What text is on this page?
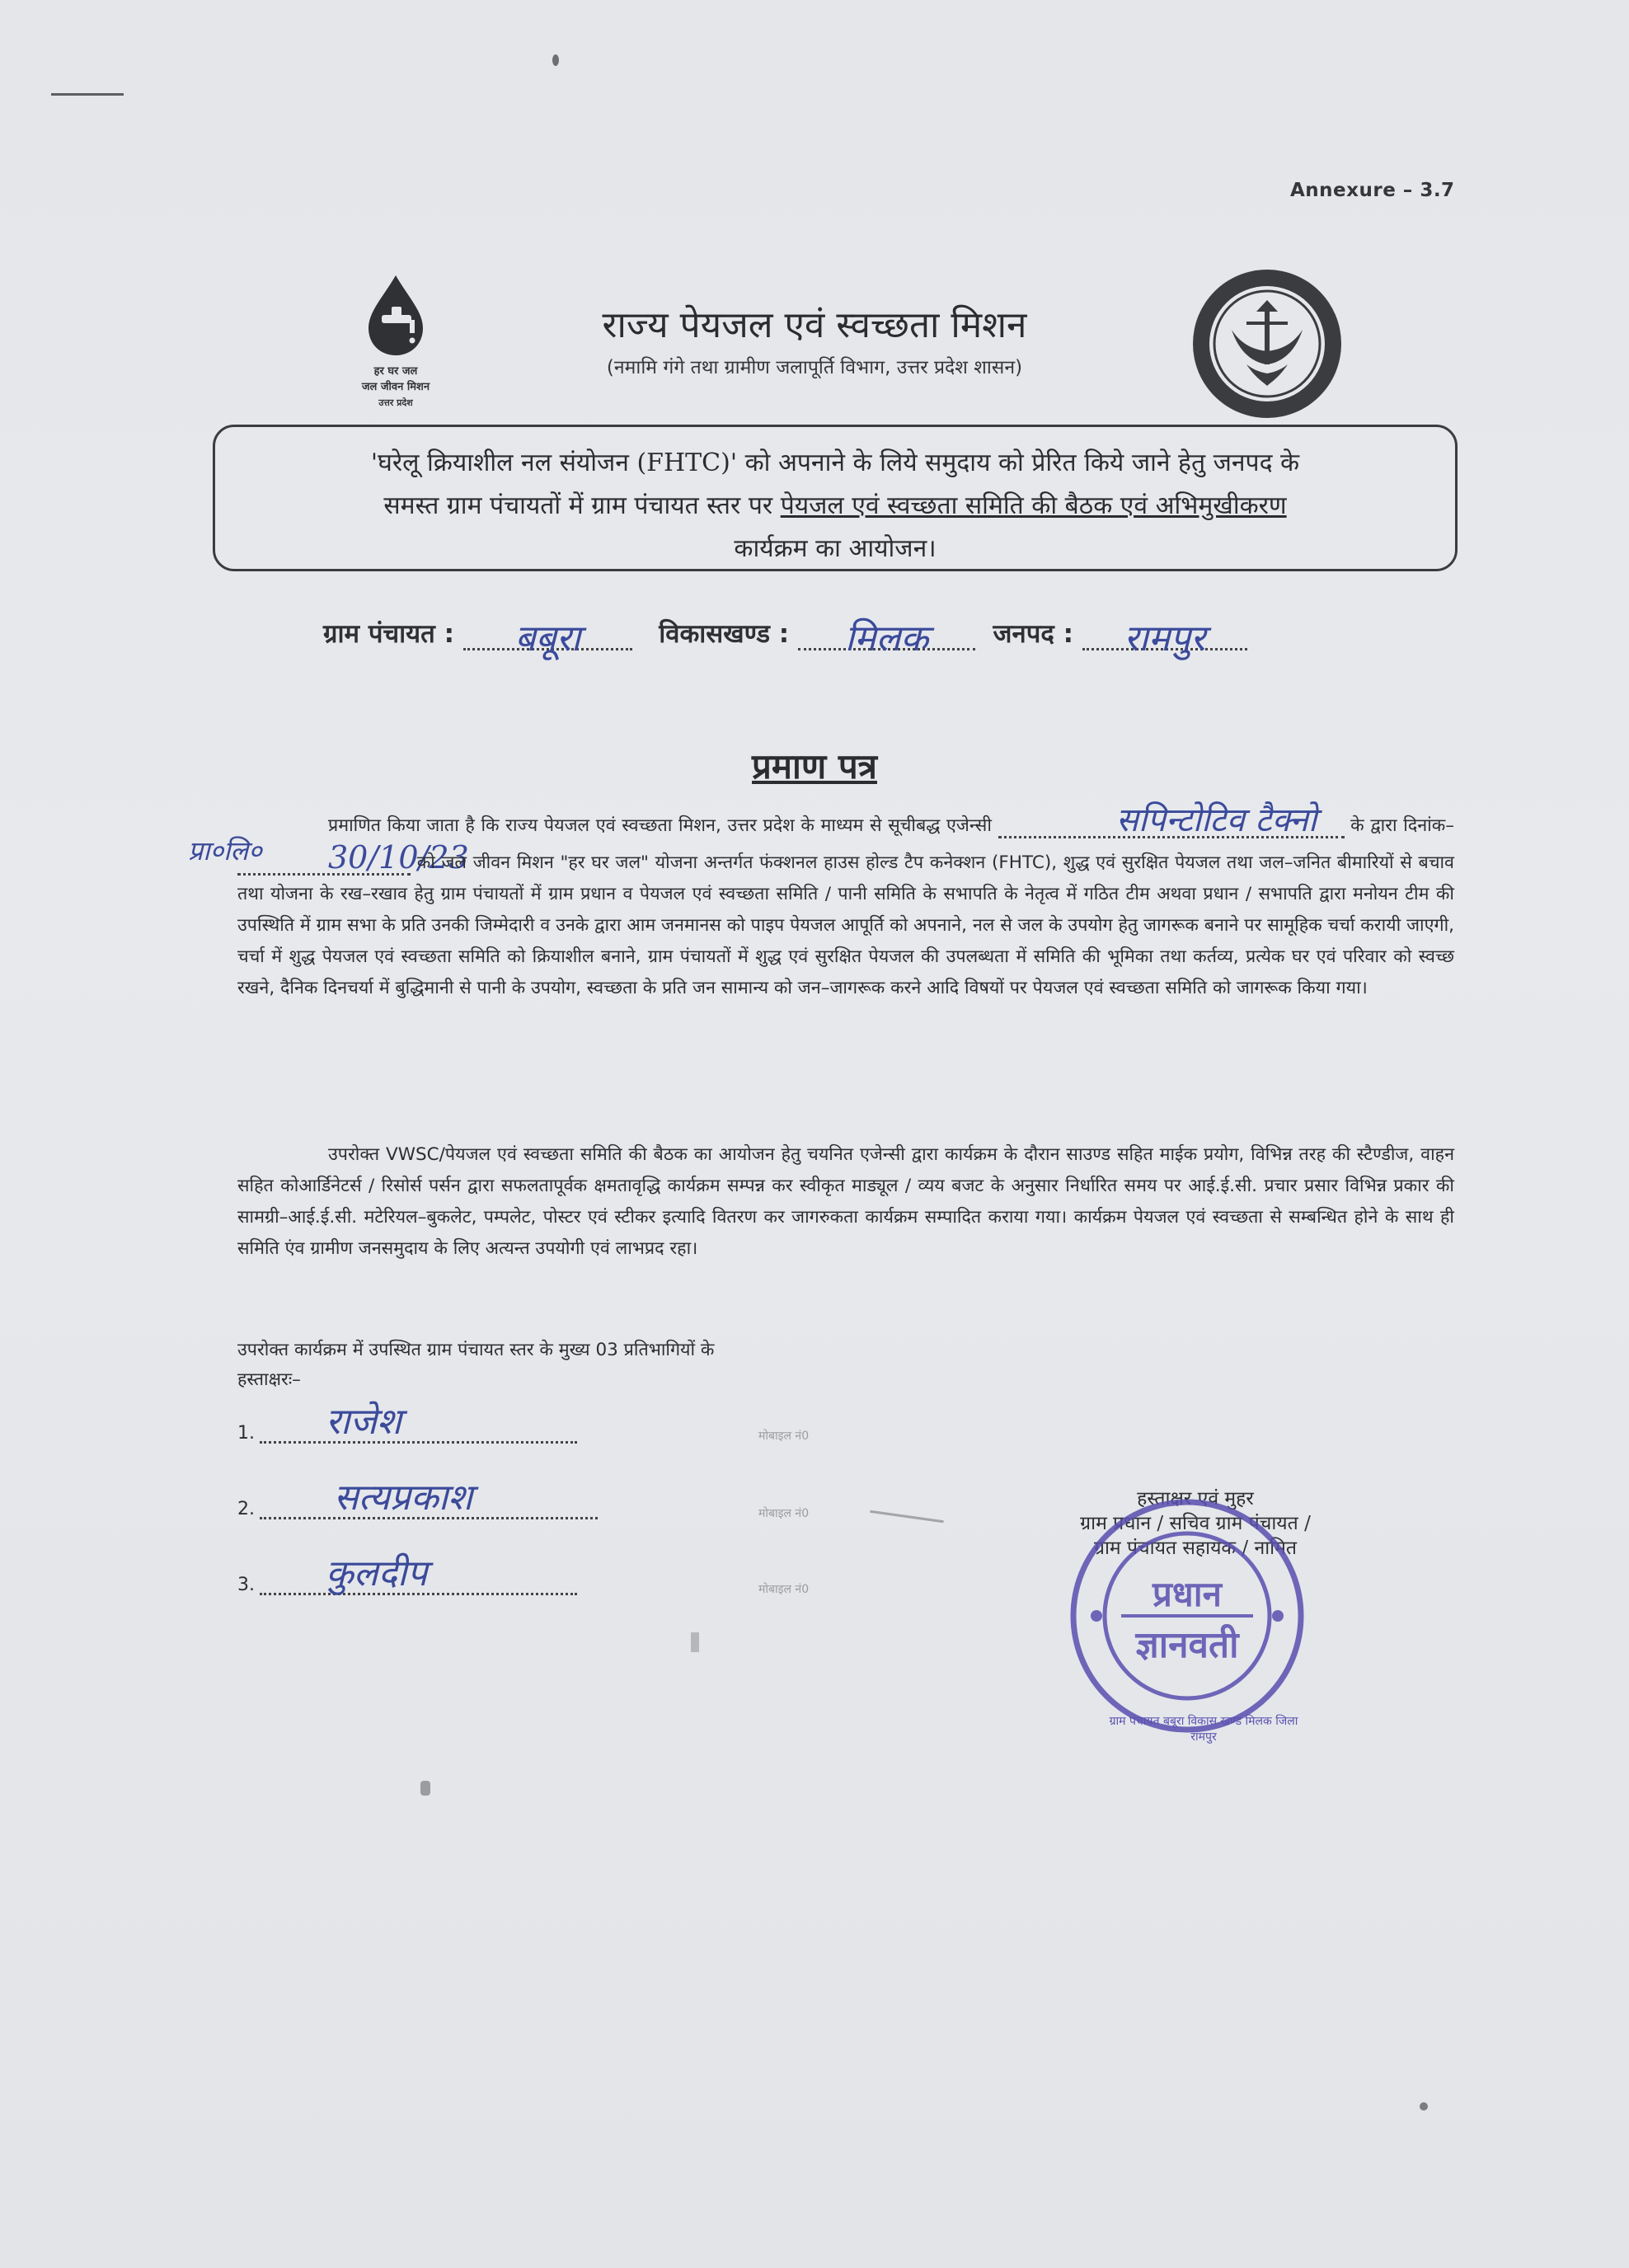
Annexure – 3.7
हर घर जल
जल जीवन मिशन
उत्तर प्रदेश
राज्य पेयजल एवं स्वच्छता मिशन
(नमामि गंगे तथा ग्रामीण जलापूर्ति विभाग, उत्तर प्रदेश शासन)
'घरेलू क्रियाशील नल संयोजन (FHTC)' को अपनाने के लिये समुदाय को प्रेरित किये जाने हेतु जनपद के
समस्त ग्राम पंचायतों में ग्राम पंचायत स्तर पर पेयजल एवं स्वच्छता समिति की बैठक एवं अभिमुखीकरण
कार्यक्रम का आयोजन।
ग्राम पंचायत : बबूरा	विकासखण्ड : मिलक	जनपद : रामपुर
प्रमाण पत्र
प्रा०लि०
प्रमाणित किया जाता है कि राज्य पेयजल एवं स्वच्छता मिशन, उत्तर प्रदेश के माध्यम से सूचीबद्ध एजेन्सी	सपिन्टोटिव टैक्नो के द्वारा दिनांक– 30/10/23 को जल जीवन मिशन "हर घर जल" योजना अन्तर्गत फंक्शनल हाउस होल्ड टैप कनेक्शन (FHTC), शुद्ध एवं सुरक्षित पेयजल तथा जल–जनित बीमारियों से बचाव तथा योजना के रख–रखाव हेतु ग्राम पंचायतों में ग्राम प्रधान व पेयजल एवं स्वच्छता समिति / पानी समिति के सभापति के नेतृत्व में गठित टीम अथवा प्रधान / सभापति द्वारा मनोयन टीम की उपस्थिति में ग्राम सभा के प्रति उनकी जिम्मेदारी व उनके द्वारा आम जनमानस को पाइप पेयजल आपूर्ति को अपनाने, नल से जल के उपयोग हेतु जागरूक बनाने पर सामूहिक चर्चा करायी जाएगी, चर्चा में शुद्ध पेयजल एवं स्वच्छता समिति को क्रियाशील बनाने, ग्राम पंचायतों में शुद्ध एवं सुरक्षित पेयजल की उपलब्धता में समिति की भूमिका तथा कर्तव्य, प्रत्येक घर एवं परिवार को स्वच्छ रखने, दैनिक दिनचर्या में बुद्धिमानी से पानी के उपयोग, स्वच्छता के प्रति जन सामान्य को जन–जागरूक करने आदि विषयों पर पेयजल एवं स्वच्छता समिति को जागरूक किया गया।
उपरोक्त VWSC/पेयजल एवं स्वच्छता समिति की बैठक का आयोजन हेतु चयनित एजेन्सी द्वारा कार्यक्रम के दौरान साउण्ड सहित माईक प्रयोग, विभिन्न तरह की स्टैण्डीज, वाहन सहित कोआर्डिनेटर्स / रिसोर्स पर्सन द्वारा सफलतापूर्वक क्षमतावृद्धि कार्यक्रम सम्पन्न कर स्वीकृत माड्यूल / व्यय बजट के अनुसार निर्धारित समय पर आई.ई.सी. प्रचार प्रसार विभिन्न प्रकार की सामग्री–आई.ई.सी. मटेरियल–बुकलेट, पम्पलेट, पोस्टर एवं स्टीकर इत्यादि वितरण कर जागरुकता कार्यक्रम सम्पादित कराया गया। कार्यक्रम पेयजल एवं स्वच्छता से सम्बन्धित होने के साथ ही समिति एंव ग्रामीण जनसमुदाय के लिए अत्यन्त उपयोगी एवं लाभप्रद रहा।
उपरोक्त कार्यक्रम में उपस्थित ग्राम पंचायत स्तर के मुख्य 03 प्रतिभागियों के
हस्ताक्षरः–
1. राजेश	मोबाइल नं0
2. सत्यप्रकाश	मोबाइल नं0
3. कुलदीप	मोबाइल नं0
हस्ताक्षर एवं मुहर
ग्राम प्रधान / सचिव ग्राम पंचायत /
ग्राम पंचायत सहायक / नामित
प्रधान
ज्ञानवती
ग्राम पंचायत बबूरा विकास खण्ड मिलक जिला रामपुर
